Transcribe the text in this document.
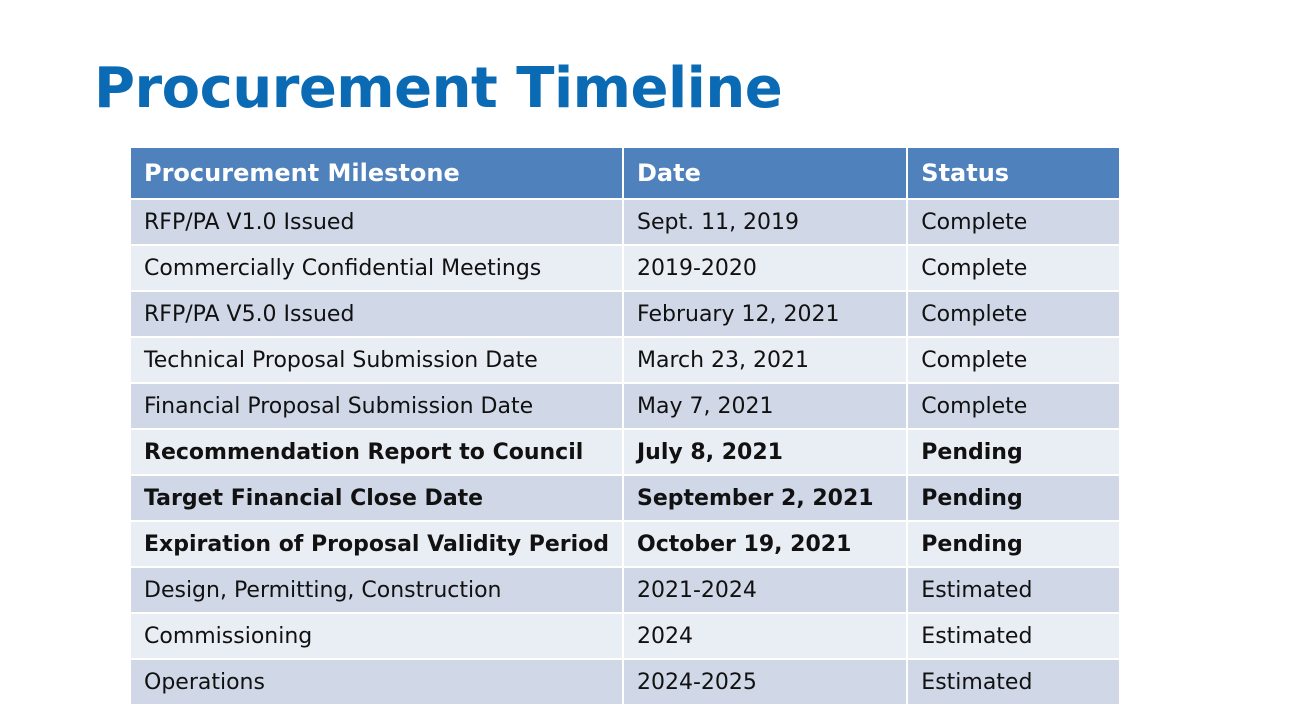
Procurement Timeline
Procurement Milestone	Date	Status
RFP/PA V1.0 Issued	Sept. 11, 2019	Complete
Commercially Confidential Meetings	2019-2020	Complete
RFP/PA V5.0 Issued	February 12, 2021	Complete
Technical Proposal Submission Date	March 23, 2021	Complete
Financial Proposal Submission Date	May 7, 2021	Complete
Recommendation Report to Council	July 8, 2021	Pending
Target Financial Close Date	September 2, 2021	Pending
Expiration of Proposal Validity Period	October 19, 2021	Pending
Design, Permitting, Construction	2021-2024	Estimated
Commissioning	2024	Estimated
Operations	2024-2025	Estimated
